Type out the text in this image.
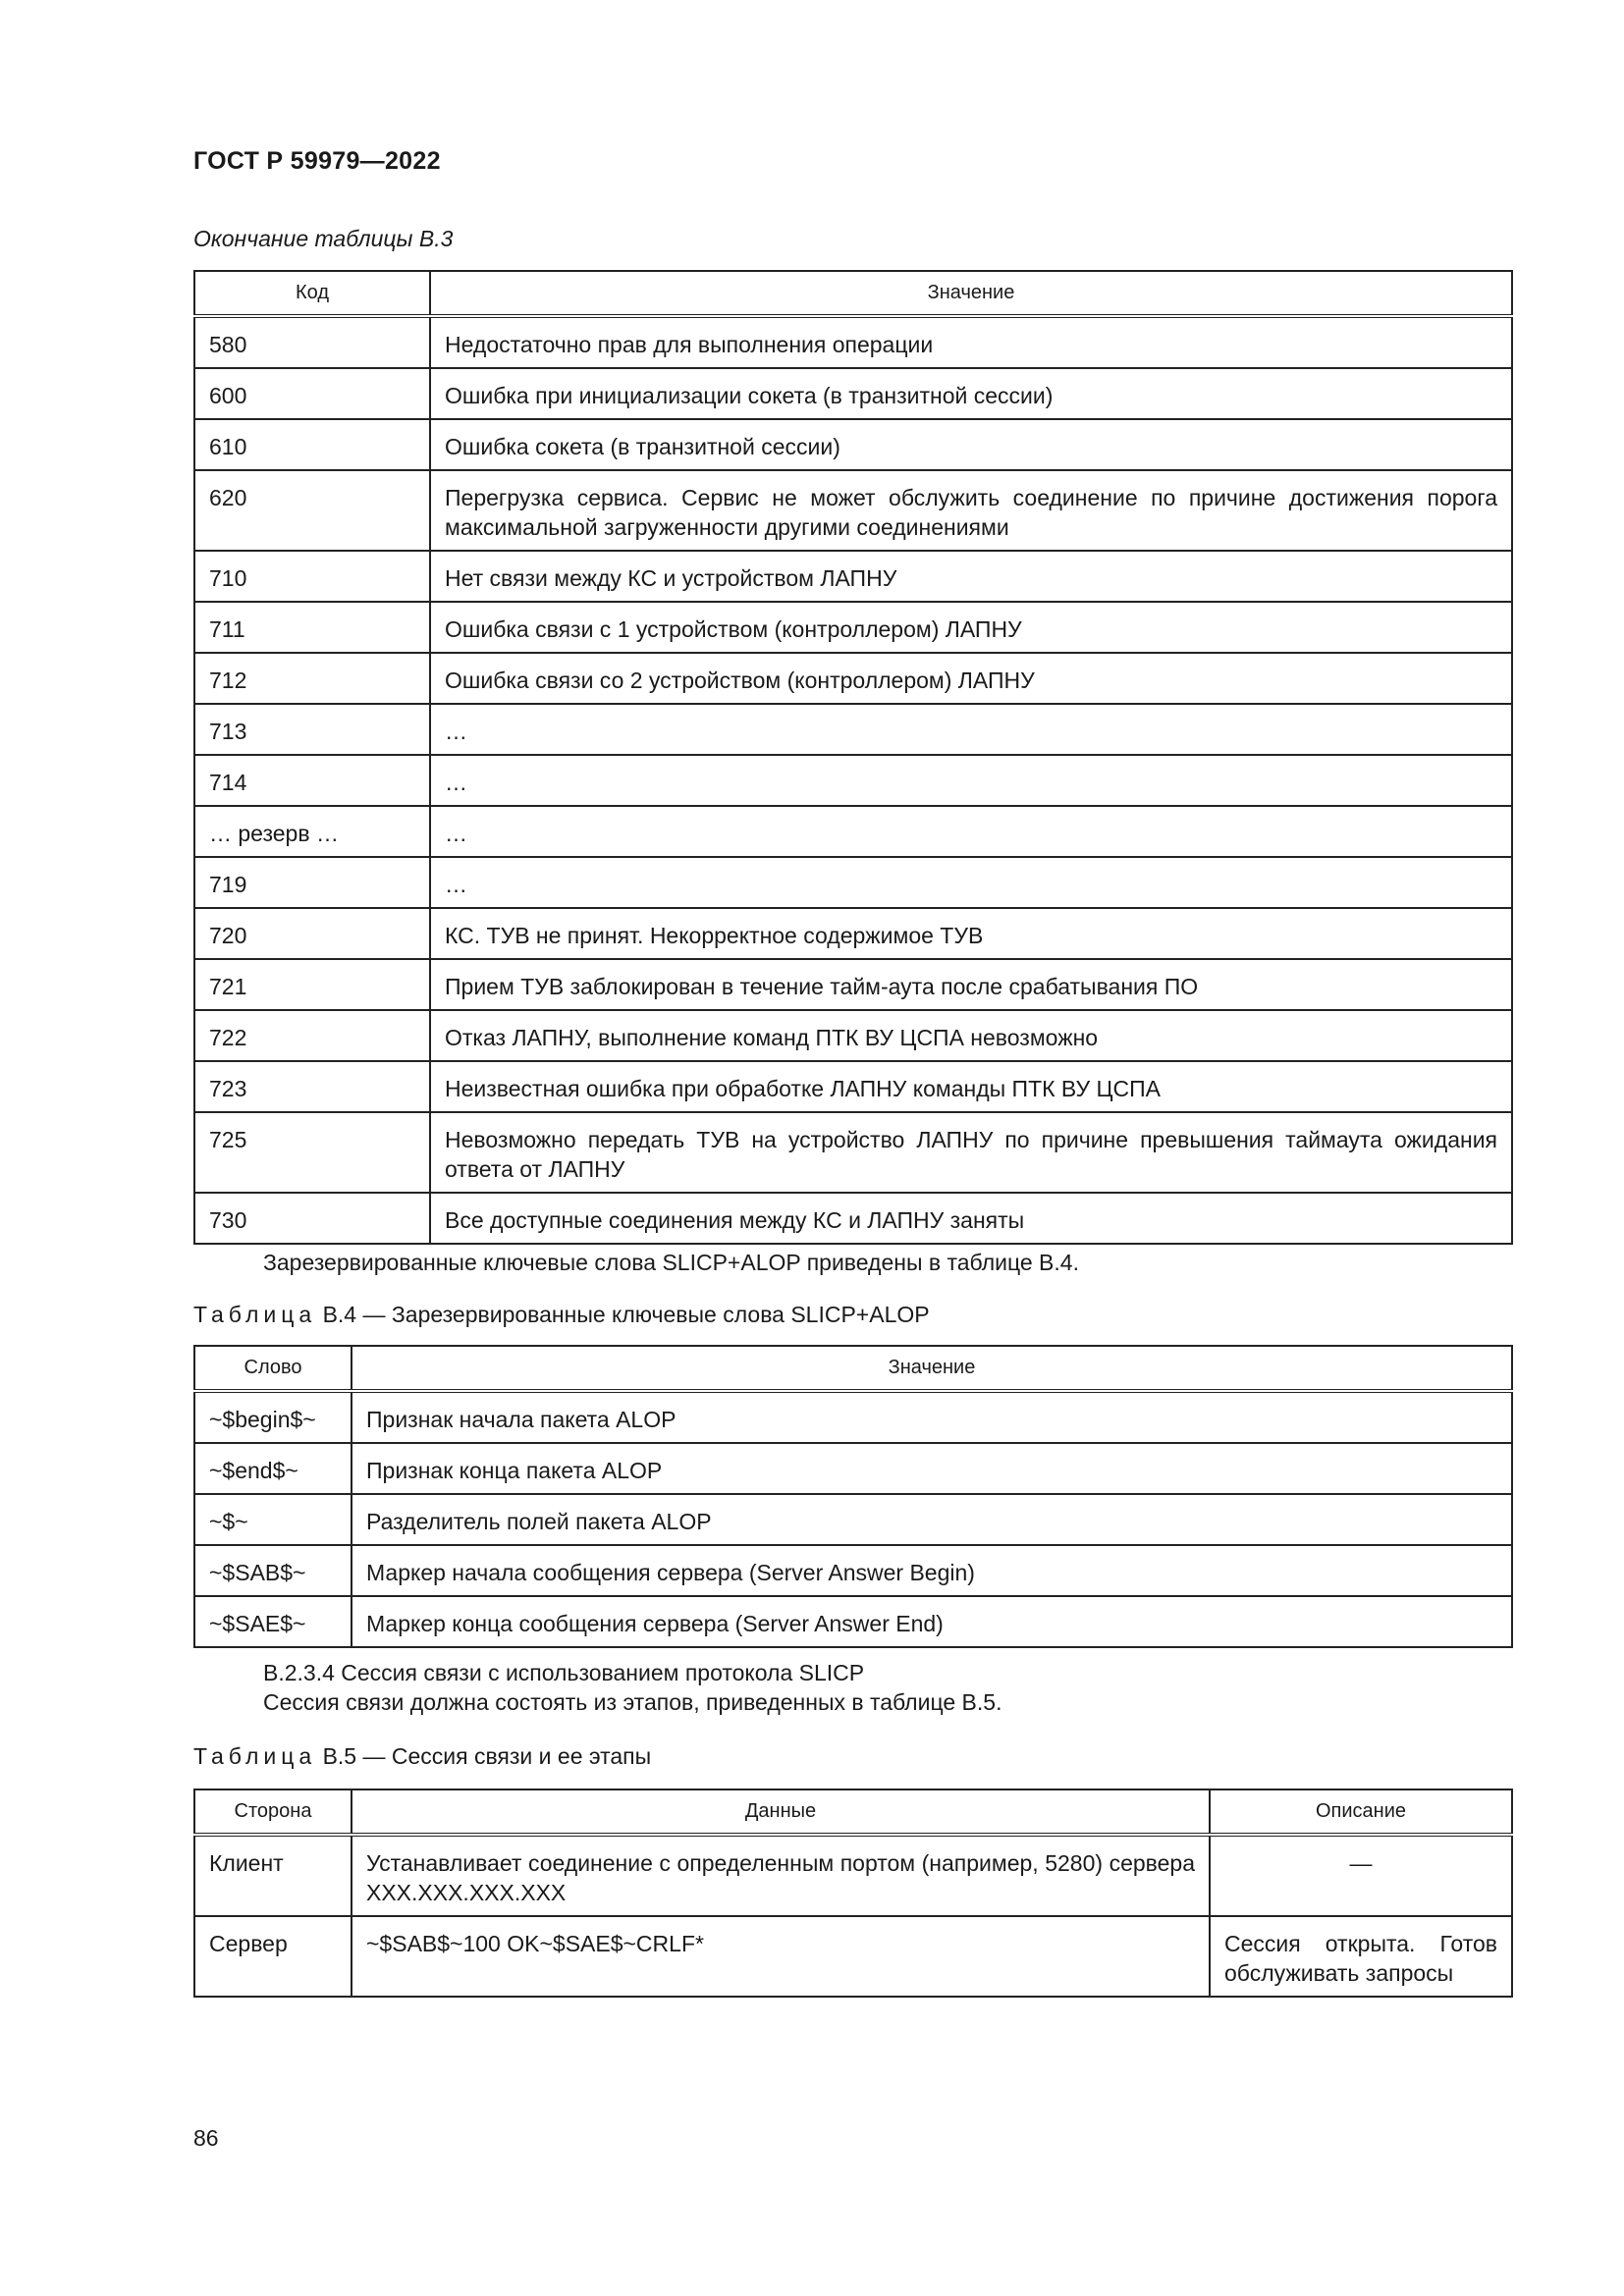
ГОСТ Р 59979—2022
Окончание таблицы В.3
Код	Значение
580	Недостаточно прав для выполнения операции
600	Ошибка при инициализации сокета (в транзитной сессии)
610	Ошибка сокета (в транзитной сессии)
620	Перегрузка сервиса. Сервис не может обслужить соединение по причине достижения порога максимальной загруженности другими соединениями
710	Нет связи между КС и устройством ЛАПНУ
711	Ошибка связи с 1 устройством (контроллером) ЛАПНУ
712	Ошибка связи со 2 устройством (контроллером) ЛАПНУ
713	…
714	…
… резерв …	…
719	…
720	КС. ТУВ не принят. Некорректное содержимое ТУВ
721	Прием ТУВ заблокирован в течение тайм-аута после срабатывания ПО
722	Отказ ЛАПНУ, выполнение команд ПТК ВУ ЦСПА невозможно
723	Неизвестная ошибка при обработке ЛАПНУ команды ПТК ВУ ЦСПА
725	Невозможно передать ТУВ на устройство ЛАПНУ по причине превышения таймаута ожидания ответа от ЛАПНУ
730	Все доступные соединения между КС и ЛАПНУ заняты
Зарезервированные ключевые слова SLICP+ALOP приведены в таблице В.4.
Таблица В.4 — Зарезервированные ключевые слова SLICP+ALOP
Слово	Значение
~$begin$~	Признак начала пакета ALOP
~$end$~	Признак конца пакета ALOP
~$~	Разделитель полей пакета ALOP
~$SAB$~	Маркер начала сообщения сервера (Server Answer Begin)
~$SAE$~	Маркер конца сообщения сервера (Server Answer End)
В.2.3.4 Сессия связи с использованием протокола SLICP
Сессия связи должна состоять из этапов, приведенных в таблице В.5.
Таблица В.5 — Сессия связи и ее этапы
Сторона	Данные	Описание
Клиент	Устанавливает соединение с определенным портом (например, 5280) сервера XXX.XXX.XXX.XXX	—
Сервер	~$SAB$~100 OK~$SAE$~CRLF*	Сессия открыта. Готов обслуживать запросы
86
